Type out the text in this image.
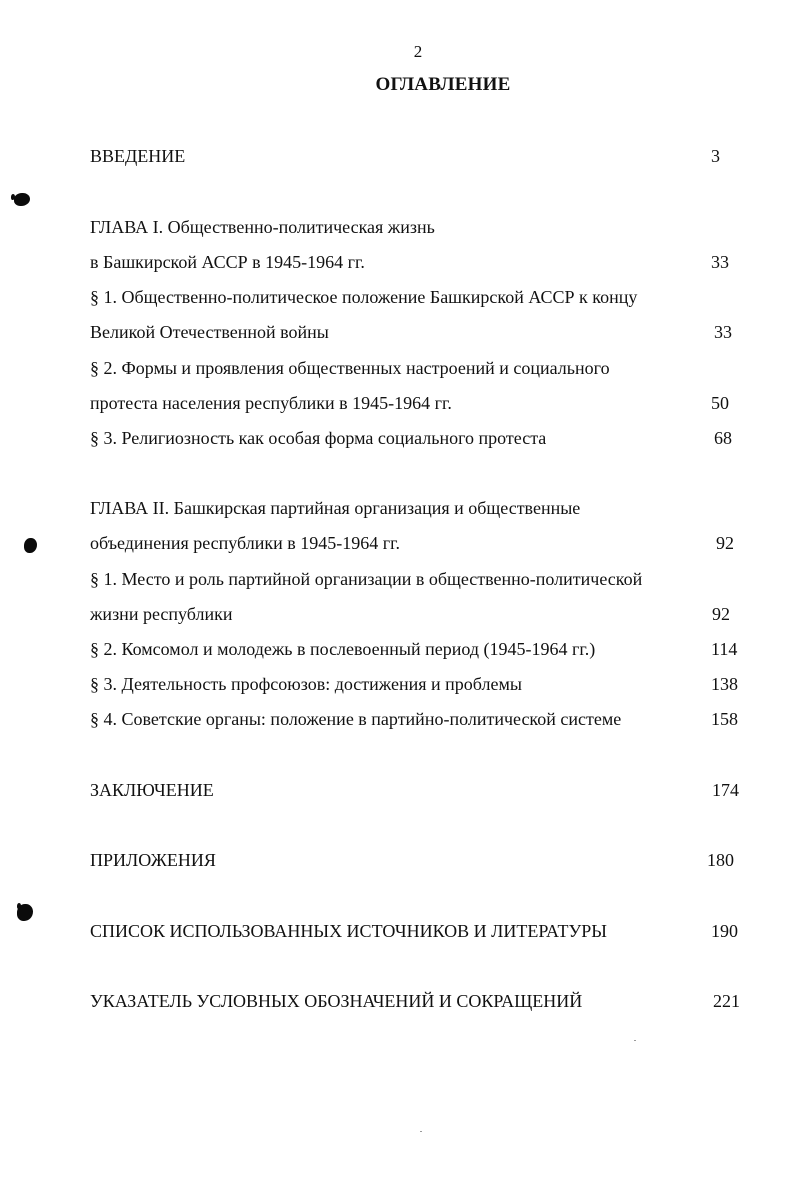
2
ОГЛАВЛЕНИЕ
ВВЕДЕНИЕ	3
ГЛАВА I. Общественно-политическая жизнь
в Башкирской АССР в 1945-1964 гг.	33
§ 1. Общественно-политическое положение Башкирской АССР к концу
Великой Отечественной войны	33
§ 2. Формы и проявления общественных настроений и социального
протеста населения республики в 1945-1964 гг.	50
§ 3. Религиозность как особая форма социального протеста	68
ГЛАВА II. Башкирская партийная организация и общественные
объединения республики в 1945-1964 гг.	92
§ 1. Место и роль партийной организации в общественно-политической
жизни республики	92
§ 2. Комсомол и молодежь в послевоенный период (1945-1964 гг.)	114
§ 3. Деятельность профсоюзов: достижения и проблемы	138
§ 4. Советские органы: положение в партийно-политической системе	158
ЗАКЛЮЧЕНИЕ	174
ПРИЛОЖЕНИЯ	180
СПИСОК ИСПОЛЬЗОВАННЫХ ИСТОЧНИКОВ И ЛИТЕРАТУРЫ	190
УКАЗАТЕЛЬ УСЛОВНЫХ ОБОЗНАЧЕНИЙ И СОКРАЩЕНИЙ	221
